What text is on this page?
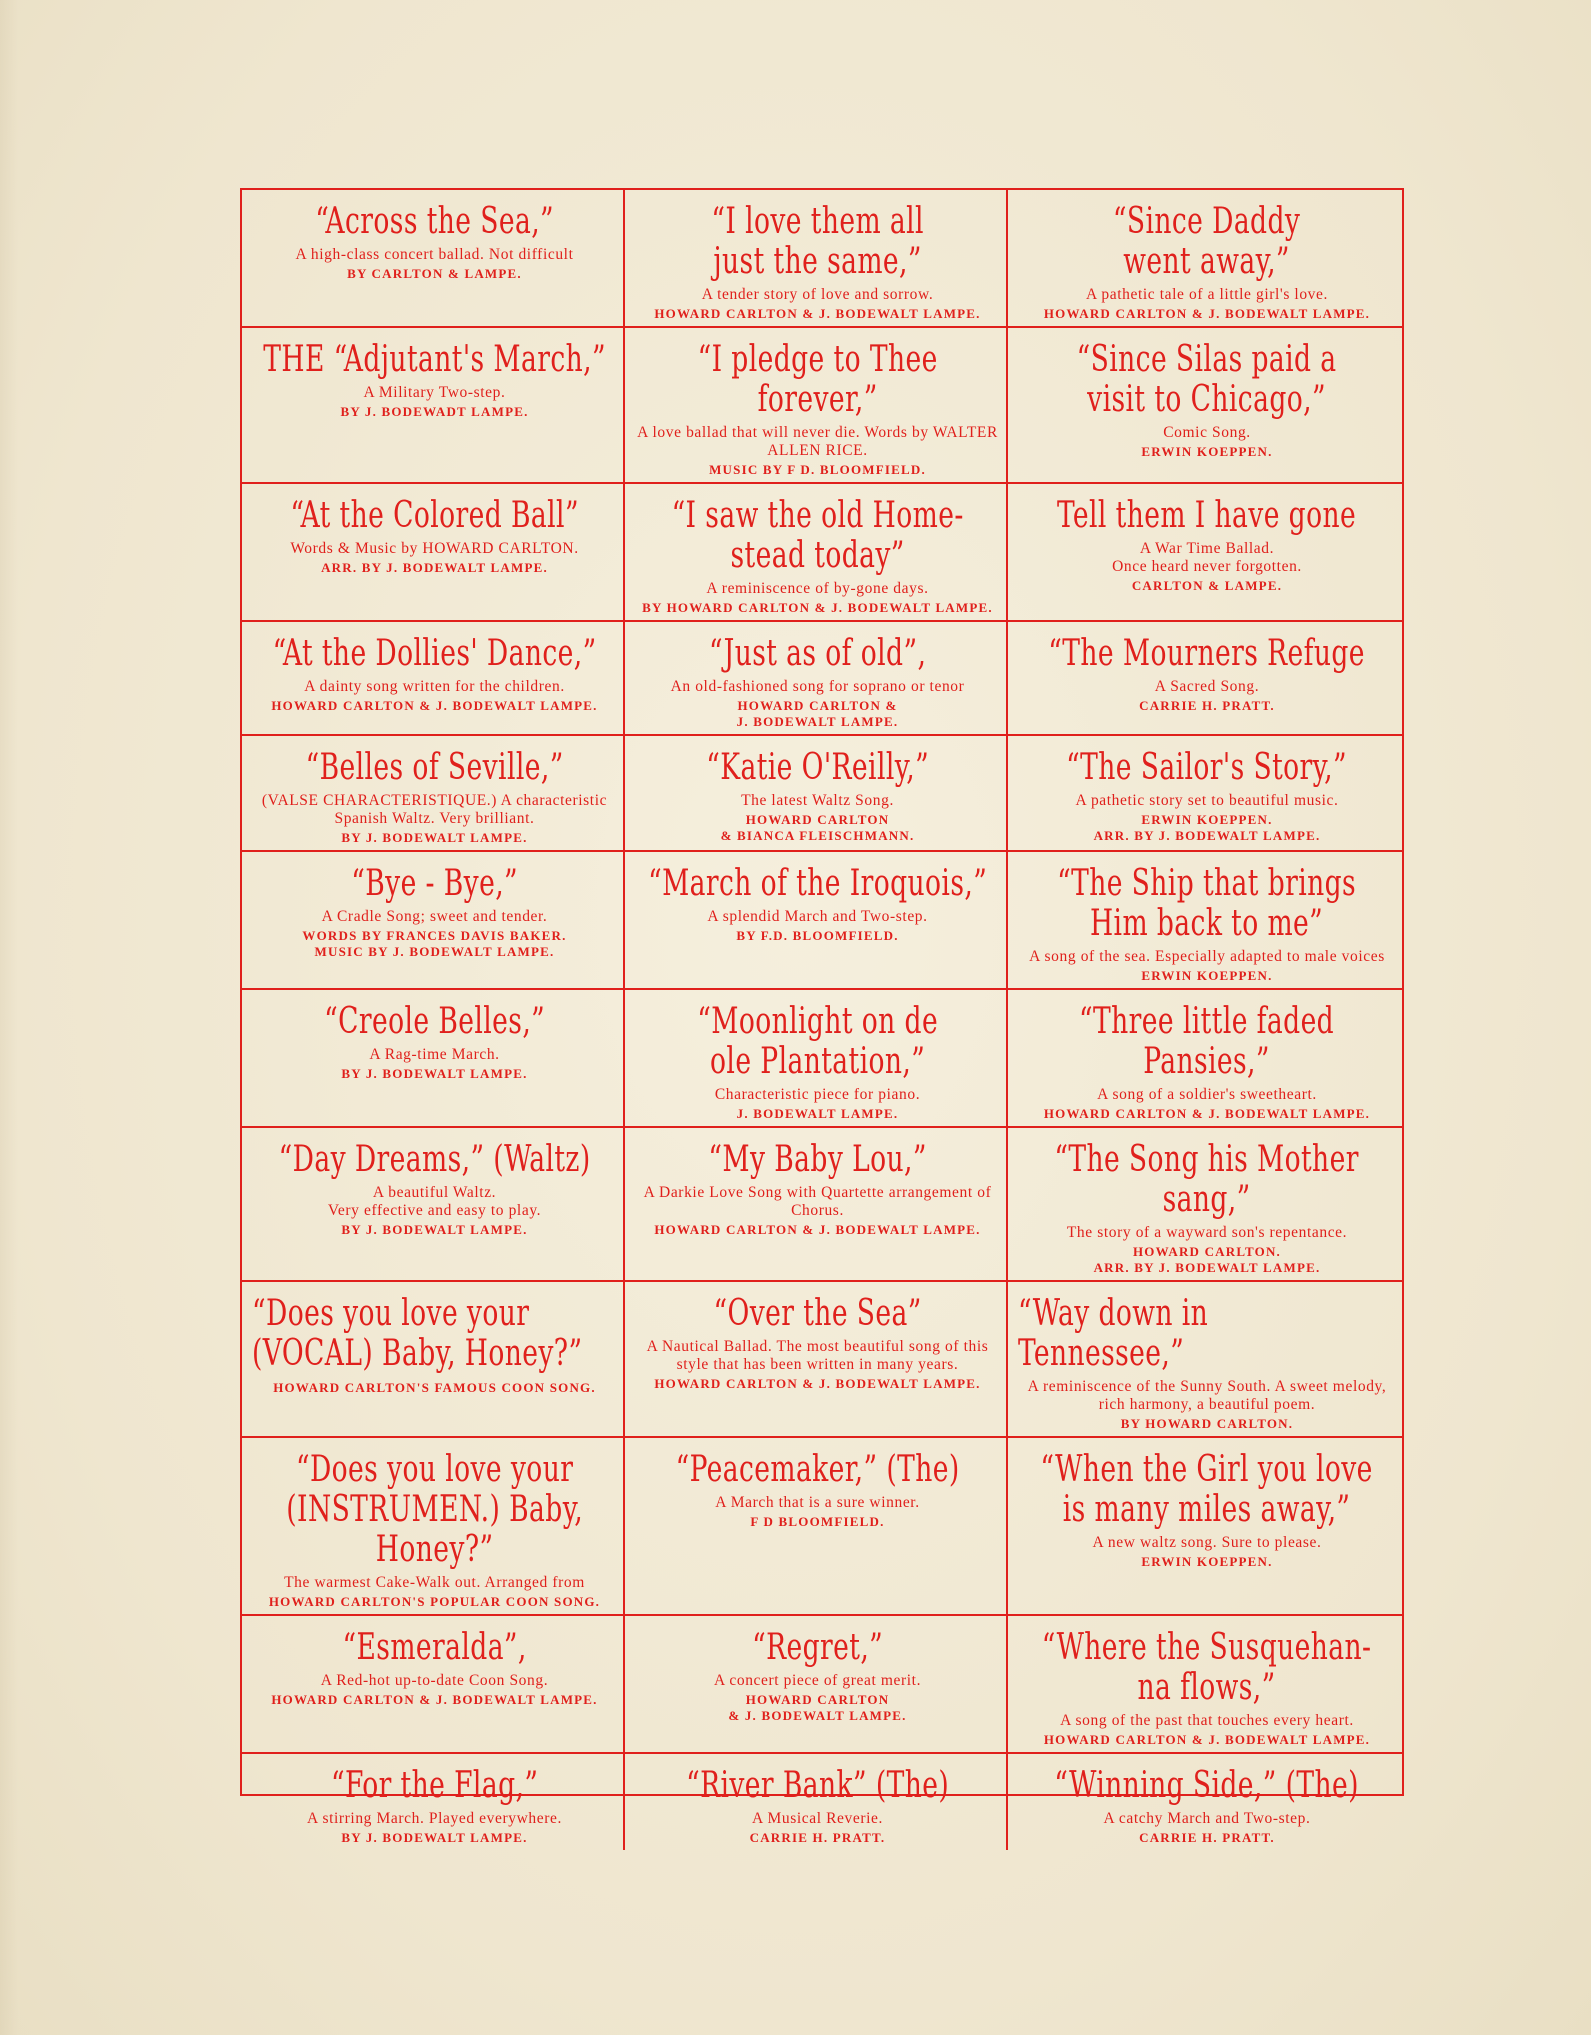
“Across the Sea,”
A high-class concert ballad. Not difficult
BY CARLTON & LAMPE.
“I love them all
just the same,”
A tender story of love and sorrow.
HOWARD CARLTON & J. BODEWALT LAMPE.
“Since Daddy
went away,”
A pathetic tale of a little girl's love.
HOWARD CARLTON & J. BODEWALT LAMPE.
THE “Adjutant's March,”
A Military Two-step.
BY J. BODEWADT LAMPE.
“I pledge to Thee
forever,”
A love ballad that will never die. Words by WALTER ALLEN RICE.
MUSIC BY F D. BLOOMFIELD.
“Since Silas paid a
visit to Chicago,”
Comic Song.
ERWIN KOEPPEN.
“At the Colored Ball”
Words & Music by HOWARD CARLTON.
ARR. BY J. BODEWALT LAMPE.
“I saw the old Home-
stead today”
A reminiscence of by-gone days.
BY HOWARD CARLTON & J. BODEWALT LAMPE.
Tell them I have gone
A War Time Ballad.
Once heard never forgotten.
CARLTON & LAMPE.
“At the Dollies' Dance,”
A dainty song written for the children.
HOWARD CARLTON & J. BODEWALT LAMPE.
“Just as of old”,
An old-fashioned song for soprano or tenor
HOWARD CARLTON &
J. BODEWALT LAMPE.
“The Mourners Refuge
A Sacred Song.
CARRIE H. PRATT.
“Belles of Seville,”
(VALSE CHARACTERISTIQUE.) A characteristic Spanish Waltz. Very brilliant.
BY J. BODEWALT LAMPE.
“Katie O'Reilly,”
The latest Waltz Song.
HOWARD CARLTON
& BIANCA FLEISCHMANN.
“The Sailor's Story,”
A pathetic story set to beautiful music.
ERWIN KOEPPEN.
ARR. BY J. BODEWALT LAMPE.
“Bye - Bye,”
A Cradle Song; sweet and tender.
WORDS BY FRANCES DAVIS BAKER.
MUSIC BY J. BODEWALT LAMPE.
“March of the Iroquois,”
A splendid March and Two-step.
BY F.D. BLOOMFIELD.
“The Ship that brings
Him back to me”
A song of the sea. Especially adapted to male voices
ERWIN KOEPPEN.
“Creole Belles,”
A Rag-time March.
BY J. BODEWALT LAMPE.
“Moonlight on de
ole Plantation,”
Characteristic piece for piano.
J. BODEWALT LAMPE.
“Three little faded
Pansies,”
A song of a soldier's sweetheart.
HOWARD CARLTON & J. BODEWALT LAMPE.
“Day Dreams,” (Waltz)
A beautiful Waltz.
Very effective and easy to play.
BY J. BODEWALT LAMPE.
“My Baby Lou,”
A Darkie Love Song with Quartette arrangement of Chorus.
HOWARD CARLTON & J. BODEWALT LAMPE.
“The Song his Mother
sang,”
The story of a wayward son's repentance.
HOWARD CARLTON.
ARR. BY J. BODEWALT LAMPE.
“Does you love your
(VOCAL) Baby, Honey?”
HOWARD CARLTON'S FAMOUS COON SONG.
“Over the Sea”
A Nautical Ballad. The most beautiful song of this style that has been written in many years.
HOWARD CARLTON & J. BODEWALT LAMPE.
“Way down in
Tennessee,”
A reminiscence of the Sunny South. A sweet melody, rich harmony, a beautiful poem.
BY HOWARD CARLTON.
“Does you love your
(INSTRUMEN.) Baby, Honey?”
The warmest Cake-Walk out. Arranged from
HOWARD CARLTON'S POPULAR COON SONG.
“Peacemaker,” (The)
A March that is a sure winner.
F D BLOOMFIELD.
“When the Girl you love
is many miles away,”
A new waltz song. Sure to please.
ERWIN KOEPPEN.
“Esmeralda”,
A Red-hot up-to-date Coon Song.
HOWARD CARLTON & J. BODEWALT LAMPE.
“Regret,”
A concert piece of great merit.
HOWARD CARLTON
& J. BODEWALT LAMPE.
“Where the Susquehan-
na flows,”
A song of the past that touches every heart.
HOWARD CARLTON & J. BODEWALT LAMPE.
“For the Flag,”
A stirring March. Played everywhere.
BY J. BODEWALT LAMPE.
“River Bank” (The)
A Musical Reverie.
CARRIE H. PRATT.
“Winning Side,” (The)
A catchy March and Two-step.
CARRIE H. PRATT.
